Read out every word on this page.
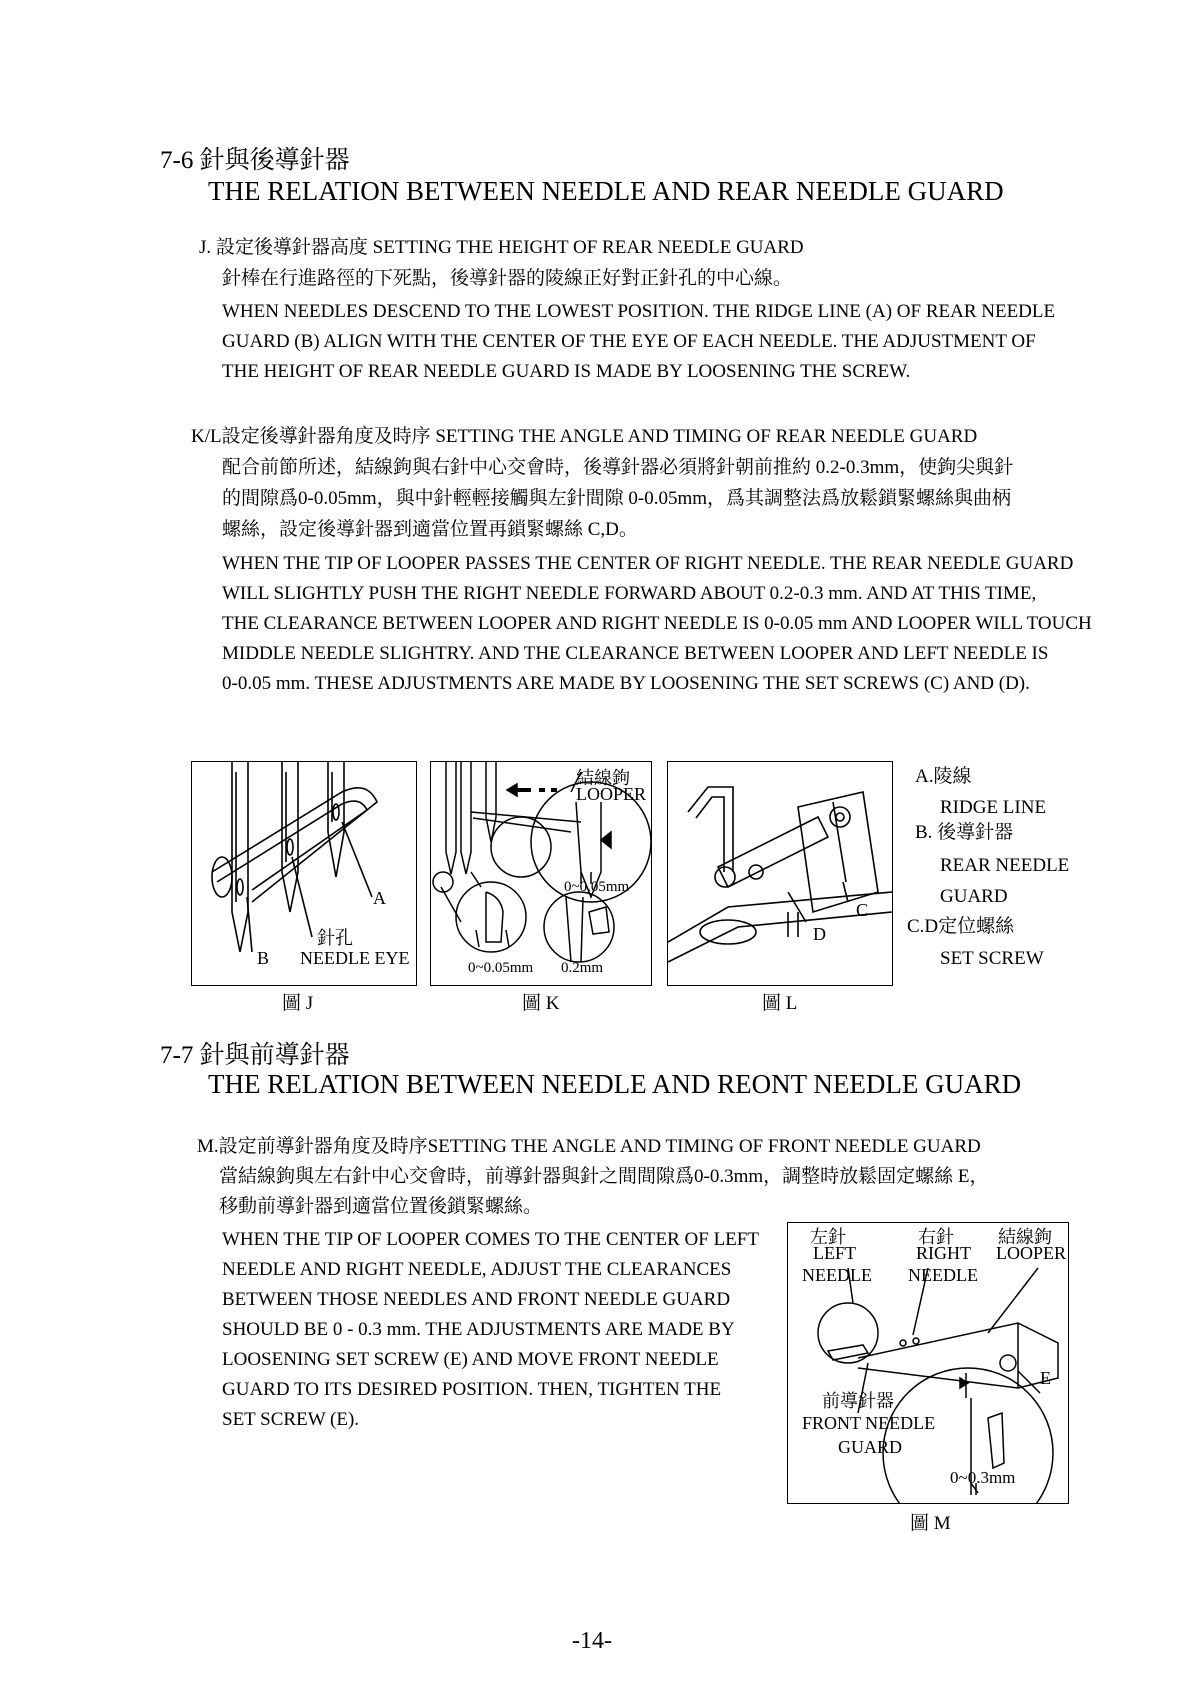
7-6 針與後導針器
THE RELATION BETWEEN NEEDLE AND REAR NEEDLE GUARD
J. 設定後導針器高度 SETTING THE HEIGHT OF REAR NEEDLE GUARD
針棒在行進路徑的下死點，後導針器的陵線正好對正針孔的中心線。
WHEN NEEDLES DESCEND TO THE LOWEST POSITION. THE RIDGE LINE (A) OF REAR NEEDLE
GUARD (B) ALIGN WITH THE CENTER OF THE EYE OF EACH NEEDLE. THE ADJUSTMENT OF
THE HEIGHT OF REAR NEEDLE GUARD IS MADE BY LOOSENING THE SCREW.
K/L設定後導針器角度及時序 SETTING THE ANGLE AND TIMING OF REAR NEEDLE GUARD
配合前節所述，結線鉤與右針中心交會時，後導針器必須將針朝前推約 0.2-0.3mm，使鉤尖與針
的間隙爲0-0.05mm，與中針輕輕接觸與左針間隙 0-0.05mm，爲其調整法爲放鬆鎖緊螺絲與曲柄
螺絲，設定後導針器到適當位置再鎖緊螺絲 C,D。
WHEN THE TIP OF LOOPER PASSES THE CENTER OF RIGHT NEEDLE. THE REAR NEEDLE GUARD
WILL SLIGHTLY PUSH THE RIGHT NEEDLE FORWARD ABOUT 0.2-0.3 mm. AND AT THIS TIME,
THE CLEARANCE BETWEEN LOOPER AND RIGHT NEEDLE IS 0-0.05 mm AND LOOPER WILL TOUCH
MIDDLE NEEDLE SLIGHTRY. AND THE CLEARANCE BETWEEN LOOPER AND LEFT NEEDLE IS
0-0.05 mm. THESE ADJUSTMENTS ARE MADE BY LOOSENING THE SET SCREWS (C) AND (D).
A
B
針孔
NEEDLE EYE
圖 J
結線鉤
LOOPER
0~0.05mm
0~0.05mm 0.2mm
圖 K
C
D
圖 L
A.陵線
RIDGE LINE
B. 後導針器
REAR NEEDLE
GUARD
C.D定位螺絲
SET SCREW
7-7 針與前導針器
THE RELATION BETWEEN NEEDLE AND REONT NEEDLE GUARD
M.設定前導針器角度及時序SETTING THE ANGLE AND TIMING OF FRONT NEEDLE GUARD
當結線鉤與左右針中心交會時，前導針器與針之間間隙爲0-0.3mm，調整時放鬆固定螺絲 E，
移動前導針器到適當位置後鎖緊螺絲。
WHEN THE TIP OF LOOPER COMES TO THE CENTER OF LEFT
NEEDLE AND RIGHT NEEDLE, ADJUST THE CLEARANCES
BETWEEN THOSE NEEDLES AND FRONT NEEDLE GUARD
SHOULD BE 0 - 0.3 mm. THE ADJUSTMENTS ARE MADE BY
LOOSENING SET SCREW (E) AND MOVE FRONT NEEDLE
GUARD TO ITS DESIRED POSITION. THEN, TIGHTEN THE
SET SCREW (E).
左針
LEFT
NEEDLE
右針
RIGHT
NEEDLE
結線鉤
LOOPER
E
前導針器
FRONT NEEDLE
GUARD
0~0.3mm
圖 M
-14-
